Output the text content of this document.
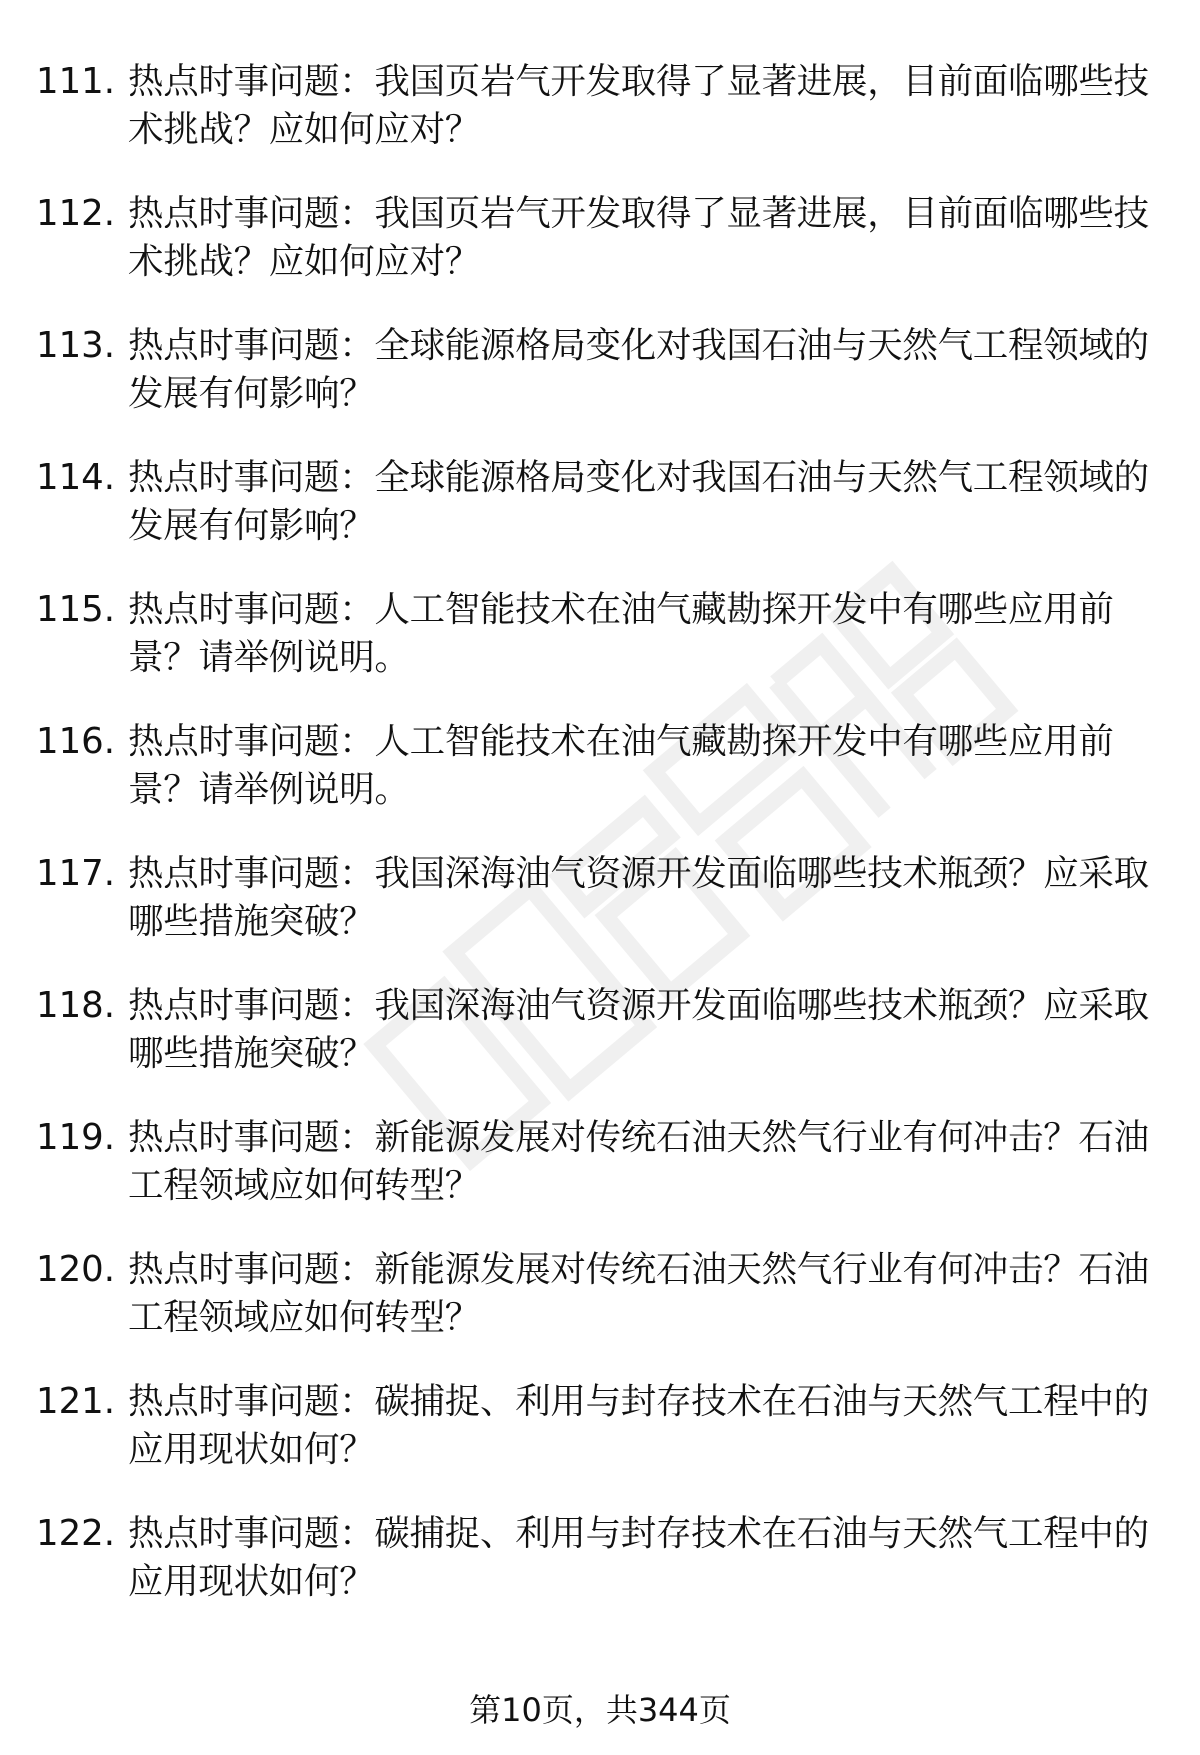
111. 热点时事问题：我国页岩气开发取得了显著进展，目前面临哪些技术挑战？应如何应对？
112. 热点时事问题：我国页岩气开发取得了显著进展，目前面临哪些技术挑战？应如何应对？
113. 热点时事问题：全球能源格局变化对我国石油与天然气工程领域的发展有何影响？
114. 热点时事问题：全球能源格局变化对我国石油与天然气工程领域的发展有何影响？
115. 热点时事问题：人工智能技术在油气藏勘探开发中有哪些应用前景？请举例说明。
116. 热点时事问题：人工智能技术在油气藏勘探开发中有哪些应用前景？请举例说明。
117. 热点时事问题：我国深海油气资源开发面临哪些技术瓶颈？应采取哪些措施突破？
118. 热点时事问题：我国深海油气资源开发面临哪些技术瓶颈？应采取哪些措施突破？
119. 热点时事问题：新能源发展对传统石油天然气行业有何冲击？石油工程领域应如何转型？
120. 热点时事问题：新能源发展对传统石油天然气行业有何冲击？石油工程领域应如何转型？
121. 热点时事问题：碳捕捉、利用与封存技术在石油与天然气工程中的应用现状如何？
122. 热点时事问题：碳捕捉、利用与封存技术在石油与天然气工程中的应用现状如何？
第10页，共344页
